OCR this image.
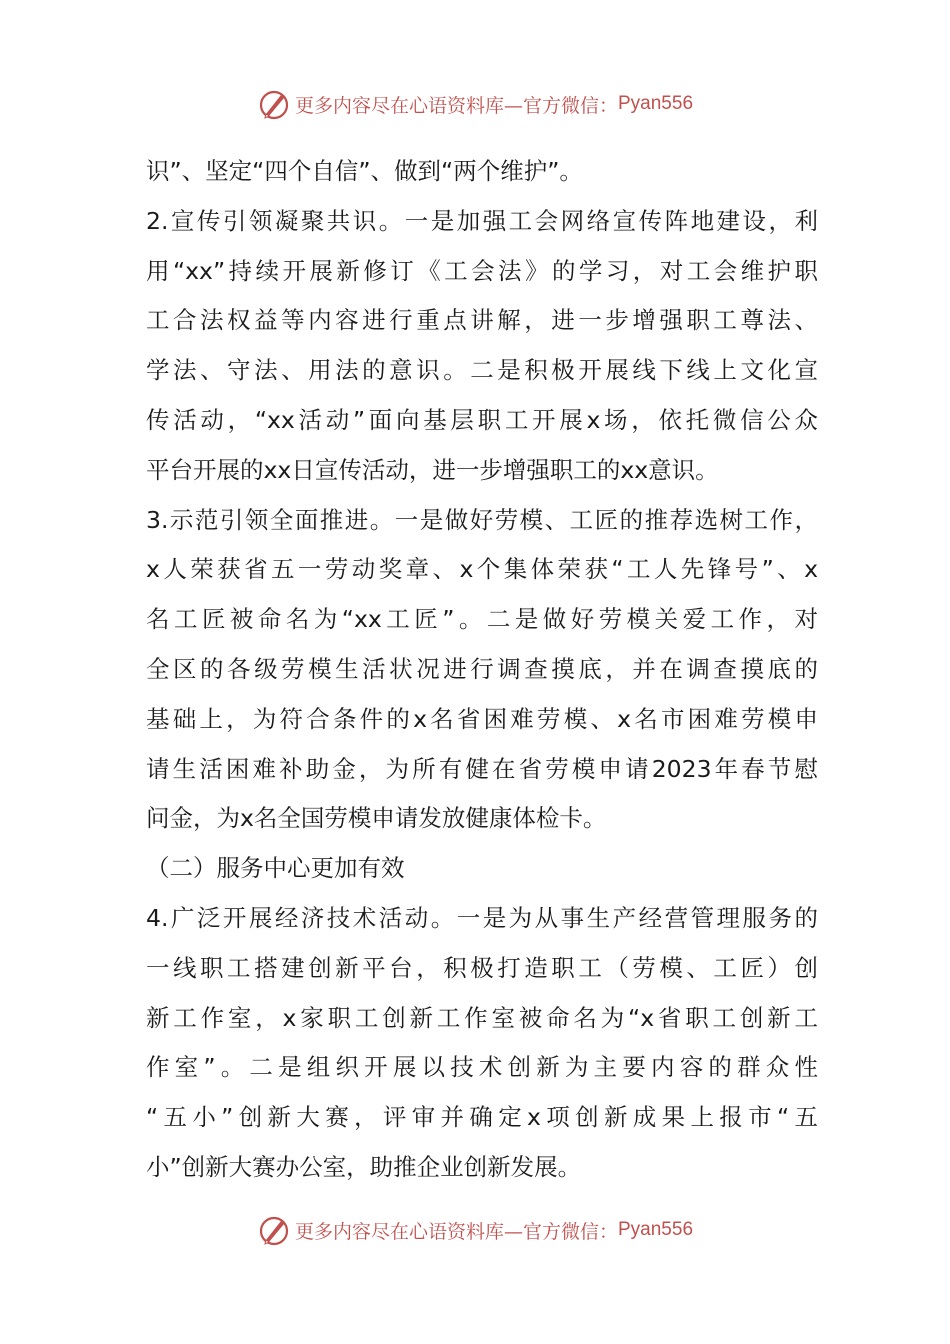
更多内容尽在心语资料库—官方微信： Pyan556
识”、坚定“四个自信”、做到“两个维护”。
2.宣传引领凝聚共识。一是加强工会网络宣传阵地建设，利
用“xx”持续开展新修订《工会法》的学习，对工会维护职
工合法权益等内容进行重点讲解，进一步增强职工尊法、
学法、守法、用法的意识。二是积极开展线下线上文化宣
传活动，“xx活动”面向基层职工开展x场，依托微信公众
平台开展的xx日宣传活动，进一步增强职工的xx意识。
3.示范引领全面推进。一是做好劳模、工匠的推荐选树工作，
x人荣获省五一劳动奖章、x个集体荣获“工人先锋号”、x
名工匠被命名为“xx工匠”。二是做好劳模关爱工作，对
全区的各级劳模生活状况进行调查摸底，并在调查摸底的
基础上，为符合条件的x名省困难劳模、x名市困难劳模申
请生活困难补助金，为所有健在省劳模申请2023年春节慰
问金，为x名全国劳模申请发放健康体检卡。
（二）服务中心更加有效
4.广泛开展经济技术活动。一是为从事生产经营管理服务的
一线职工搭建创新平台，积极打造职工（劳模、工匠）创
新工作室，x家职工创新工作室被命名为“x省职工创新工
作室”。二是组织开展以技术创新为主要内容的群众性
“五小”创新大赛，评审并确定x项创新成果上报市“五
小”创新大赛办公室，助推企业创新发展。
更多内容尽在心语资料库—官方微信： Pyan556
